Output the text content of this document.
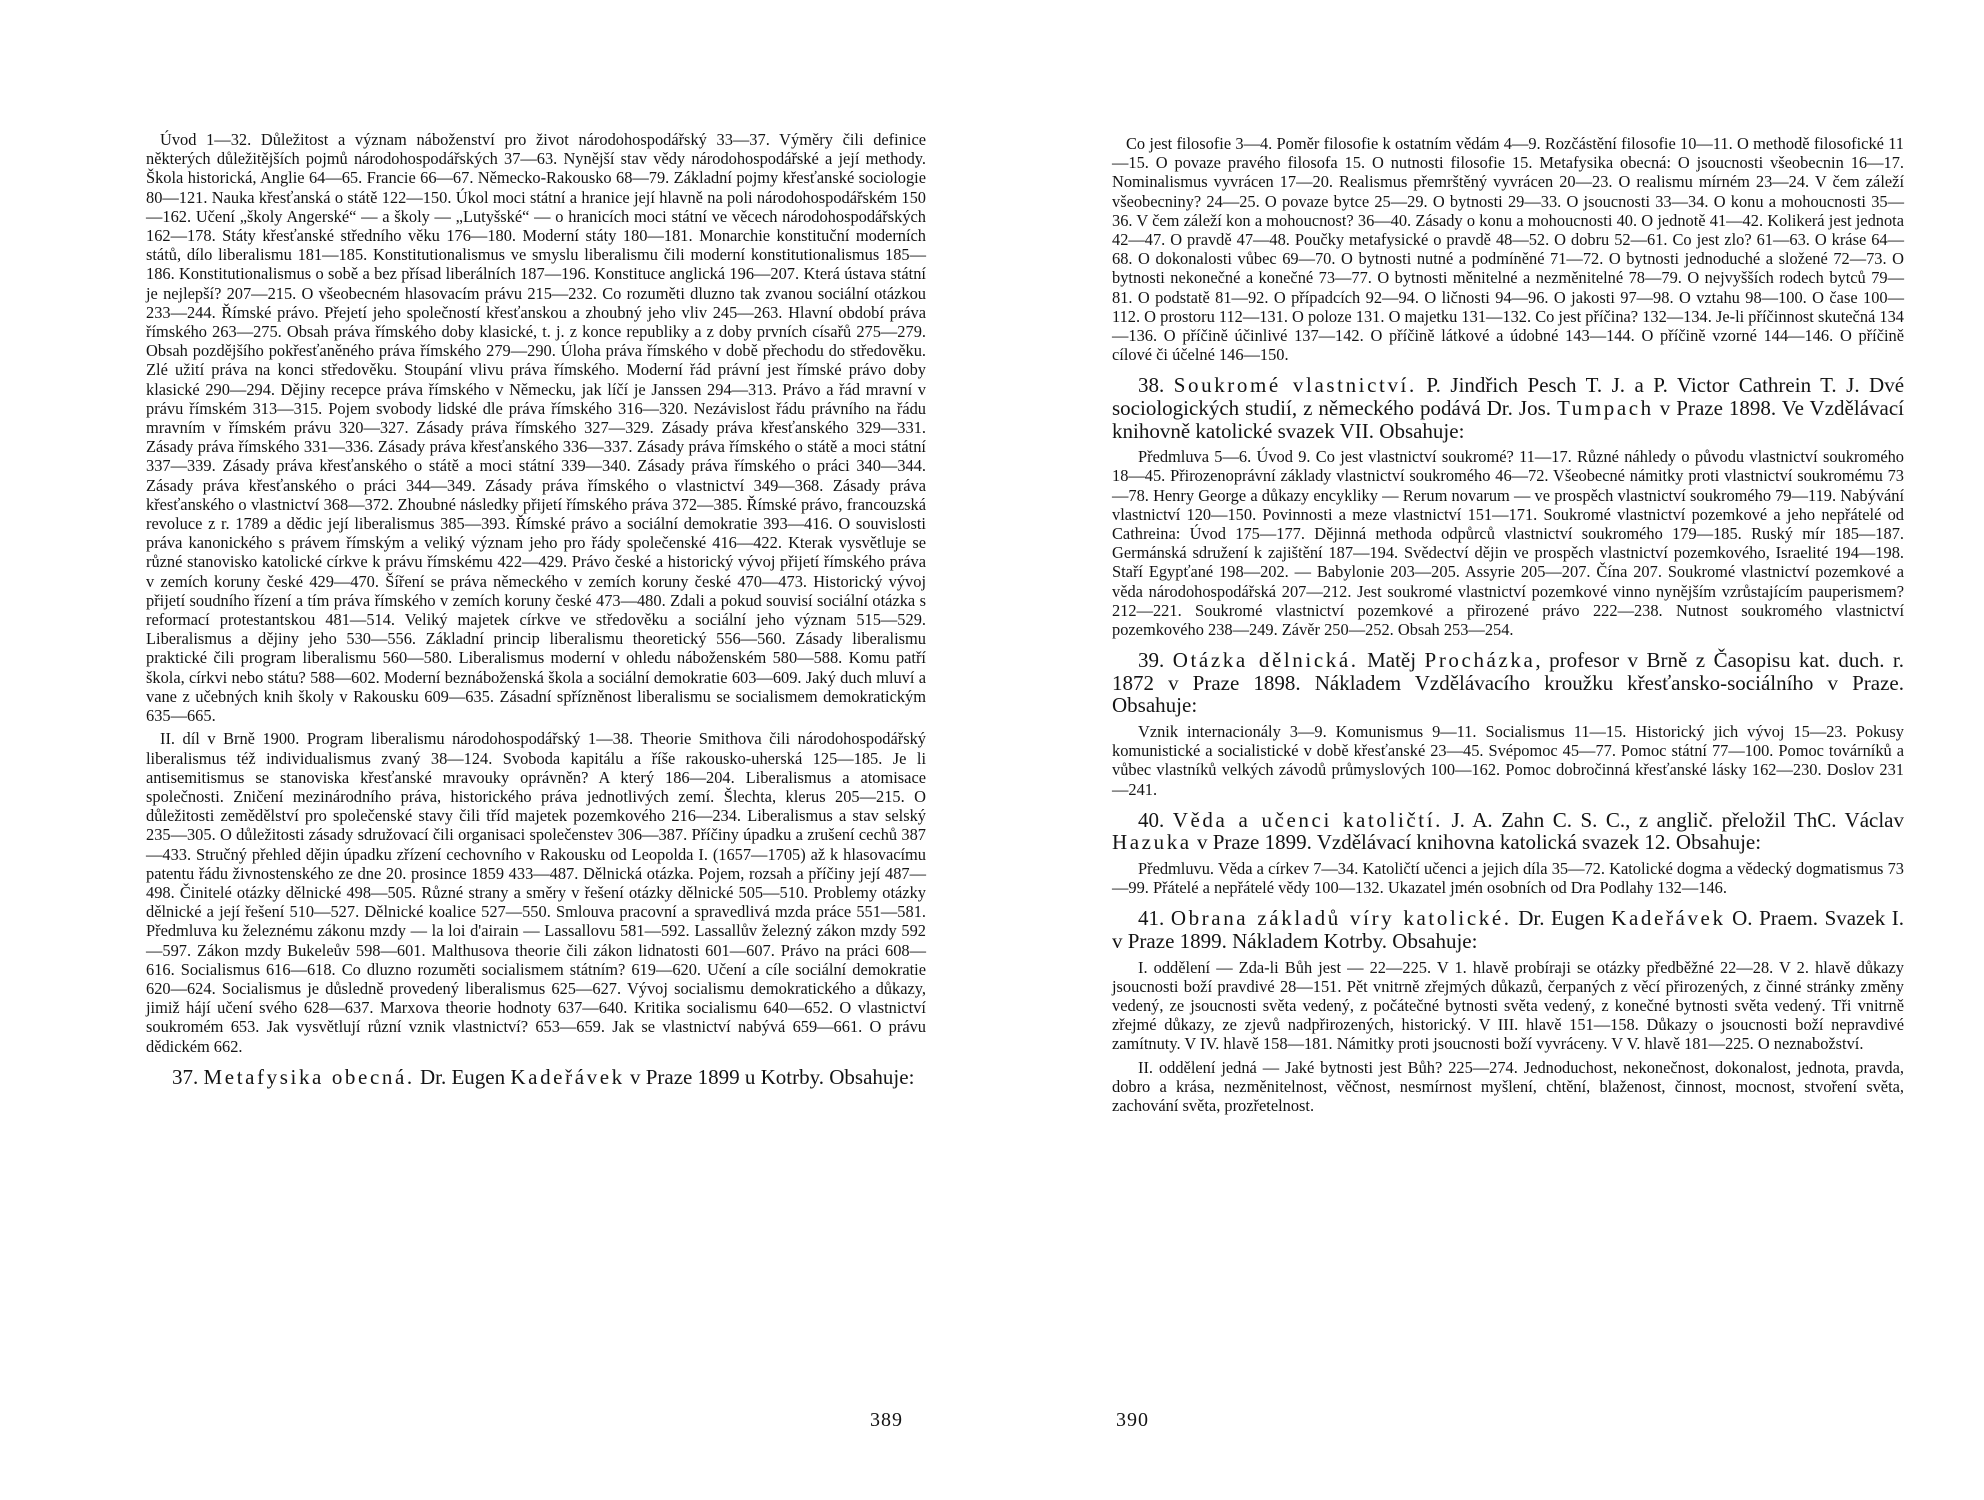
Úvod 1—32. Důležitost a význam náboženství pro život národohospodářský 33—37. Výměry čili definice některých důležitějších pojmů národohospodářských 37—63. Nynější stav vědy národohospodářské a její methody. Škola historická, Anglie 64—65. Francie 66—67. Německo-Rakousko 68—79. Základní pojmy křesťanské sociologie 80—121. Nauka křesťanská o státě 122—150. Úkol moci státní a hranice její hlavně na poli národohospodářském 150—162. Učení „školy Angerské“ — a školy — „Lutyšské“ — o hranicích moci státní ve věcech národohospodářských 162—178. Státy křesťanské středního věku 176—180. Moderní státy 180—181. Monarchie konstituční moderních států, dílo liberalismu 181—185. Konstitutionalismus ve smyslu liberalismu čili moderní konstitutionalismus 185—186. Konstitutionalismus o sobě a bez přísad liberálních 187—196. Konstituce anglická 196—207. Která ústava státní je nejlepší? 207—215. O všeobecném hlasovacím právu 215—232. Co rozuměti dluzno tak zvanou sociální otázkou 233—244. Římské právo. Přejetí jeho společností křesťanskou a zhoubný jeho vliv 245—263. Hlavní období práva římského 263—275. Obsah práva římského doby klasické, t. j. z konce republiky a z doby prvních císařů 275—279. Obsah pozdějšího pokřesťaněného práva římského 279—290. Úloha práva římského v době přechodu do středověku. Zlé užití práva na konci středověku. Stoupání vlivu práva římského. Moderní řád právní jest římské právo doby klasické 290—294. Dějiny recepce práva římského v Německu, jak líčí je Janssen 294—313. Právo a řád mravní v právu římském 313—315. Pojem svobody lidské dle práva římského 316—320. Nezávislost řádu právního na řádu mravním v římském právu 320—327. Zásady práva římského 327—329. Zásady práva křesťanského 329—331. Zásady práva římského 331—336. Zásady práva křesťanského 336—337. Zásady práva římského o státě a moci státní 337—339. Zásady práva křesťanského o státě a moci státní 339—340. Zásady práva římského o práci 340—344. Zásady práva křesťanského o práci 344—349. Zásady práva římského o vlastnictví 349—368. Zásady práva křesťanského o vlastnictví 368—372. Zhoubné následky přijetí římského práva 372—385. Římské právo, francouzská revoluce z r. 1789 a dědic její liberalismus 385—393. Římské právo a sociální demokratie 393—416. O souvislosti práva kanonického s právem římským a veliký význam jeho pro řády společenské 416—422. Kterak vysvětluje se různé stanovisko katolické církve k právu římskému 422—429. Právo české a historický vývoj přijetí římského práva v zemích koruny české 429—470. Šíření se práva německého v zemích koruny české 470—473. Historický vývoj přijetí soudního řízení a tím práva římského v zemích koruny české 473—480. Zdali a pokud souvisí sociální otázka s reformací protestantskou 481—514. Veliký majetek církve ve středověku a sociální jeho význam 515—529. Liberalismus a dějiny jeho 530—556. Základní princip liberalismu theoretický 556—560. Zásady liberalismu praktické čili program liberalismu 560—580. Liberalismus moderní v ohledu náboženském 580—588. Komu patří škola, církvi nebo státu? 588—602. Moderní beznáboženská škola a sociální demokratie 603—609. Jaký duch mluví a vane z učebných knih školy v Rakousku 609—635. Zásadní spřízněnost liberalismu se socialismem demokratickým 635—665.

II. díl v Brně 1900. Program liberalismu národohospodářský 1—38. Theorie Smithova čili národohospodářský liberalismus též individualismus zvaný 38—124. Svoboda kapitálu a říše rakousko-uherská 125—185. Je li antisemitismus se stanoviska křesťanské mravouky oprávněn? A který 186—204. Liberalismus a atomisace společnosti. Zničení mezinárodního práva, historického práva jednotlivých zemí. Šlechta, klerus 205—215. O důležitosti zemědělství pro společenské stavy čili tříd majetek pozemkového 216—234. Liberalismus a stav selský 235—305. O důležitosti zásady sdružovací čili organisaci společenstev 306—387. Příčiny úpadku a zrušení cechů 387—433. Stručný přehled dějin úpadku zřízení cechovního v Rakousku od Leopolda I. (1657—1705) až k hlasovacímu patentu řádu živnostenského ze dne 20. prosince 1859 433—487. Dělnická otázka. Pojem, rozsah a příčiny její 487—498. Činitelé otázky dělnické 498—505. Různé strany a směry v řešení otázky dělnické 505—510. Problemy otázky dělnické a její řešení 510—527. Dělnické koalice 527—550. Smlouva pracovní a spravedlivá mzda práce 551—581. Předmluva ku železnému zákonu mzdy — la loi d'airain — Lassallovu 581—592. Lassallův železný zákon mzdy 592—597. Zákon mzdy Bukeleův 598—601. Malthusova theorie čili zákon lidnatosti 601—607. Právo na práci 608—616. Socialismus 616—618. Co dluzno rozuměti socialismem státním? 619—620. Učení a cíle sociální demokratie 620—624. Socialismus je důsledně provedený liberalismus 625—627. Vývoj socialismu demokratického a důkazy, jimiž hájí učení svého 628—637. Marxova theorie hodnoty 637—640. Kritika socialismu 640—652. O vlastnictví soukromém 653. Jak vysvětlují různí vznik vlastnictví? 653—659. Jak se vlastnictví nabývá 659—661. O právu dědickém 662.

37. Metafysika obecná. Dr. Eugen Kadeřávek v Praze 1899 u Kotrby. Obsahuje:

389

Co jest filosofie 3—4. Poměr filosofie k ostatním vědám 4—9. Rozčástění filosofie 10—11. O methodě filosofické 11—15. O povaze pravého filosofa 15. O nutnosti filosofie 15. Metafysika obecná: O jsoucnosti všeobecnin 16—17. Nominalismus vyvrácen 17—20. Realismus přemrštěný vyvrácen 20—23. O realismu mírném 23—24. V čem záleží všeobecniny? 24—25. O povaze bytce 25—29. O bytnosti 29—33. O jsoucnosti 33—34. O konu a mohoucnosti 35—36. V čem záleží kon a mohoucnost? 36—40. Zásady o konu a mohoucnosti 40. O jednotě 41—42. Kolikerá jest jednota 42—47. O pravdě 47—48. Poučky metafysické o pravdě 48—52. O dobru 52—61. Co jest zlo? 61—63. O kráse 64—68. O dokonalosti vůbec 69—70. O bytnosti nutné a podmíněné 71—72. O bytnosti jednoduché a složené 72—73. O bytnosti nekonečné a konečné 73—77. O bytnosti měnitelné a nezměnitelné 78—79. O nejvyšších rodech bytců 79—81. O podstatě 81—92. O případcích 92—94. O ličnosti 94—96. O jakosti 97—98. O vztahu 98—100. O čase 100—112. O prostoru 112—131. O poloze 131. O majetku 131—132. Co jest příčina? 132—134. Je-li příčinnost skutečná 134—136. O příčině účinlivé 137—142. O příčině látkové a údobné 143—144. O příčině vzorné 144—146. O příčině cílové či účelné 146—150.

38. Soukromé vlastnictví. P. Jindřich Pesch T. J. a P. Victor Cathrein T. J. Dvé sociologických studií, z německého podává Dr. Jos. Tumpach v Praze 1898. Ve Vzdělávací knihovně katolické svazek VII. Obsahuje:

Předmluva 5—6. Úvod 9. Co jest vlastnictví soukromé? 11—17. Různé náhledy o původu vlastnictví soukromého 18—45. Přirozenoprávní základy vlastnictví soukromého 46—72. Všeobecné námitky proti vlastnictví soukromému 73—78. Henry George a důkazy encykliky — Rerum novarum — ve prospěch vlastnictví soukromého 79—119. Nabývání vlastnictví 120—150. Povinnosti a meze vlastnictví 151—171. Soukromé vlastnictví pozemkové a jeho nepřátelé od Cathreina: Úvod 175—177. Dějinná methoda odpůrců vlastnictví soukromého 179—185. Ruský mír 185—187. Germánská sdružení k zajištění 187—194. Svědectví dějin ve prospěch vlastnictví pozemkového, Israelité 194—198. Staří Egypťané 198—202. — Babylonie 203—205. Assyrie 205—207. Čína 207. Soukromé vlastnictví pozemkové a věda národohospodářská 207—212. Jest soukromé vlastnictví pozemkové vinno nynějším vzrůstajícím pauperismem? 212—221. Soukromé vlastnictví pozemkové a přirozené právo 222—238. Nutnost soukromého vlastnictví pozemkového 238—249. Závěr 250—252. Obsah 253—254.

39. Otázka dělnická. Matěj Procházka, profesor v Brně z Časopisu kat. duch. r. 1872 v Praze 1898. Nákladem Vzdělávacího kroužku křesťansko-sociálního v Praze. Obsahuje:

Vznik internacionály 3—9. Komunismus 9—11. Socialismus 11—15. Historický jich vývoj 15—23. Pokusy komunistické a socialistické v době křesťanské 23—45. Svépomoc 45—77. Pomoc státní 77—100. Pomoc továrníků a vůbec vlastníků velkých závodů průmyslových 100—162. Pomoc dobročinná křesťanské lásky 162—230. Doslov 231—241.

40. Věda a učenci katoličtí. J. A. Zahn C. S. C., z anglič. přeložil ThC. Václav Hazuka v Praze 1899. Vzdělávací knihovna katolická svazek 12. Obsahuje:

Předmluvu. Věda a církev 7—34. Katoličtí učenci a jejich díla 35—72. Katolické dogma a vědecký dogmatismus 73—99. Přátelé a nepřátelé vědy 100—132. Ukazatel jmén osobních od Dra Podlahy 132—146.

41. Obrana základů víry katolické. Dr. Eugen Kadeřávek O. Praem. Svazek I. v Praze 1899. Nákladem Kotrby. Obsahuje:

I. oddělení — Zda-li Bůh jest — 22—225. V 1. hlavě probíraji se otázky předběžné 22—28. V 2. hlavě důkazy jsoucnosti boží pravdivé 28—151. Pět vnitrně zřejmých důkazů, čerpaných z věcí přirozených, z činné stránky změny vedený, ze jsoucnosti světa vedený, z počátečné bytnosti světa vedený, z konečné bytnosti světa vedený. Tři vnitrně zřejmé důkazy, ze zjevů nadpřirozených, historický. V III. hlavě 151—158. Důkazy o jsoucnosti boží nepravdivé zamítnuty. V IV. hlavě 158—181. Námitky proti jsoucnosti boží vyvráceny. V V. hlavě 181—225. O neznabožství.

II. oddělení jedná — Jaké bytnosti jest Bůh? 225—274. Jednoduchost, nekonečnost, dokonalost, jednota, pravda, dobro a krása, nezměnitelnost, věčnost, nesmírnost myšlení, chtění, blaženost, činnost, mocnost, stvoření světa, zachování světa, prozřetelnost.

390
